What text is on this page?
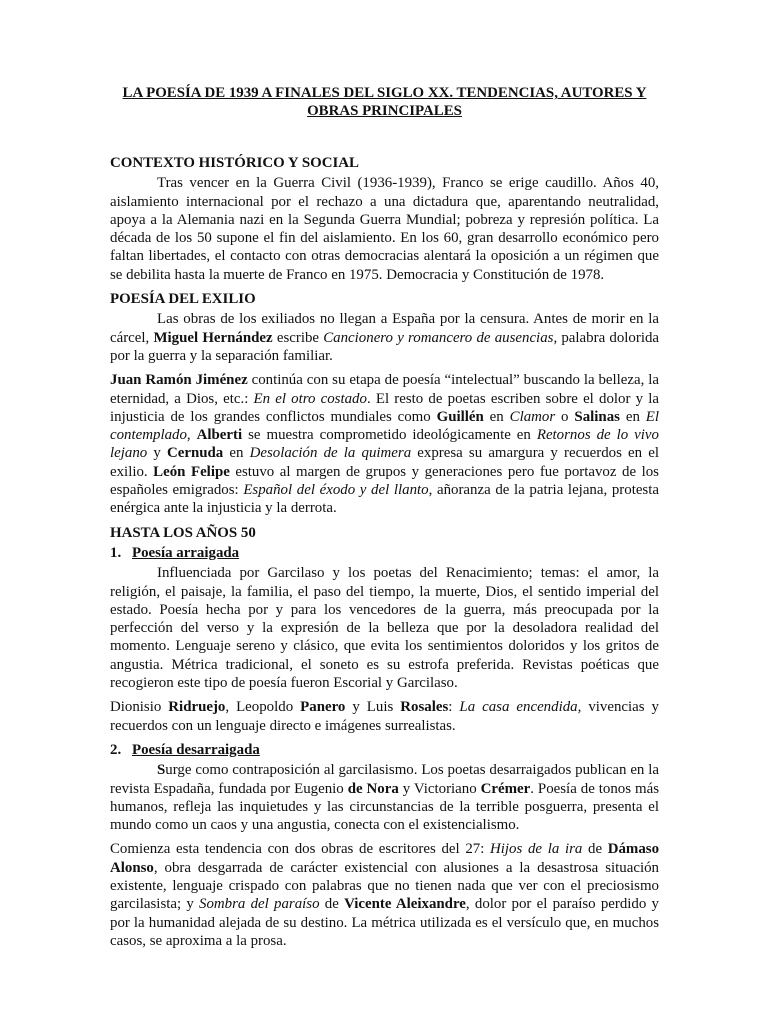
LA POESÍA DE 1939 A FINALES DEL SIGLO XX. TENDENCIAS, AUTORES Y OBRAS PRINCIPALES
CONTEXTO HISTÓRICO Y SOCIAL

Tras vencer en la Guerra Civil (1936-1939), Franco se erige caudillo. Años 40, aislamiento internacional por el rechazo a una dictadura que, aparentando neutralidad, apoya a la Alemania nazi en la Segunda Guerra Mundial; pobreza y represión política. La década de los 50 supone el fin del aislamiento. En los 60, gran desarrollo económico pero faltan libertades, el contacto con otras democracias alentará la oposición a un régimen que se debilita hasta la muerte de Franco en 1975. Democracia y Constitución de 1978.

POESÍA DEL EXILIO

Las obras de los exiliados no llegan a España por la censura. Antes de morir en la cárcel, Miguel Hernández escribe Cancionero y romancero de ausencias, palabra dolorida por la guerra y la separación familiar.

Juan Ramón Jiménez continúa con su etapa de poesía “intelectual” buscando la belleza, la eternidad, a Dios, etc.: En el otro costado. El resto de poetas escriben sobre el dolor y la injusticia de los grandes conflictos mundiales como Guillén en Clamor o Salinas en El contemplado, Alberti se muestra comprometido ideológicamente en Retornos de lo vivo lejano y Cernuda en Desolación de la quimera expresa su amargura y recuerdos en el exilio. León Felipe estuvo al margen de grupos y generaciones pero fue portavoz de los españoles emigrados: Español del éxodo y del llanto, añoranza de la patria lejana, protesta enérgica ante la injusticia y la derrota.

HASTA LOS AÑOS 50
1. Poesía arraigada

Influenciada por Garcilaso y los poetas del Renacimiento; temas: el amor, la religión, el paisaje, la familia, el paso del tiempo, la muerte, Dios, el sentido imperial del estado. Poesía hecha por y para los vencedores de la guerra, más preocupada por la perfección del verso y la expresión de la belleza que por la desoladora realidad del momento. Lenguaje sereno y clásico, que evita los sentimientos doloridos y los gritos de angustia. Métrica tradicional, el soneto es su estrofa preferida. Revistas poéticas que recogieron este tipo de poesía fueron Escorial y Garcilaso.

Dionisio Ridruejo, Leopoldo Panero y Luis Rosales: La casa encendida, vivencias y recuerdos con un lenguaje directo e imágenes surrealistas.

2. Poesía desarraigada

Surge como contraposición al garcilasismo. Los poetas desarraigados publican en la revista Espadaña, fundada por Eugenio de Nora y Victoriano Crémer. Poesía de tonos más humanos, refleja las inquietudes y las circunstancias de la terrible posguerra, presenta el mundo como un caos y una angustia, conecta con el existencialismo.

Comienza esta tendencia con dos obras de escritores del 27: Hijos de la ira de Dámaso Alonso, obra desgarrada de carácter existencial con alusiones a la desastrosa situación existente, lenguaje crispado con palabras que no tienen nada que ver con el preciosismo garcilasista; y Sombra del paraíso de Vicente Aleixandre, dolor por el paraíso perdido y por la humanidad alejada de su destino. La métrica utilizada es el versículo que, en muchos casos, se aproxima a la prosa.
